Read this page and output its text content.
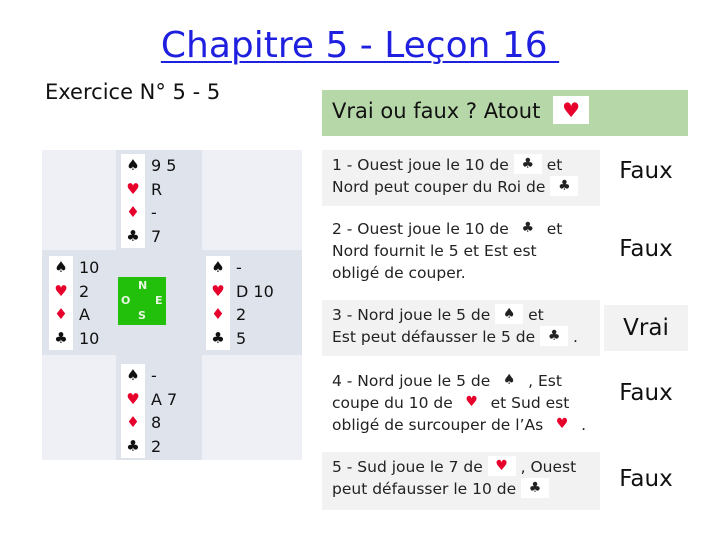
Chapitre 5 - Leçon 16
Exercice N° 5 - 5
Vrai ou faux ? Atout ♥
♠
♥
♦
♣
9 5
R
-
7
♠
♥
♦
♣
10
2
A
10
N
O E
S
♠
♥
♦
♣
-
D 10
2
5
♠
♥
♦
♣
-
A 7
8
2
1 - Ouest joue le 10 de ♣ et
Nord peut couper du Roi de ♣
Faux
2 - Ouest joue le 10 de ♣ et
Nord fournit le 5 et Est est
obligé de couper.
Faux
3 - Nord joue le 5 de ♠ et
Est peut défausser le 5 de ♣ .	Vrai
4 - Nord joue le 5 de ♠ , Est
coupe du 10 de ♥ et Sud est
obligé de surcouper de l’As ♥ .
Faux
5 - Sud joue le 7 de ♥ , Ouest
peut défausser le 10 de ♣	Faux
